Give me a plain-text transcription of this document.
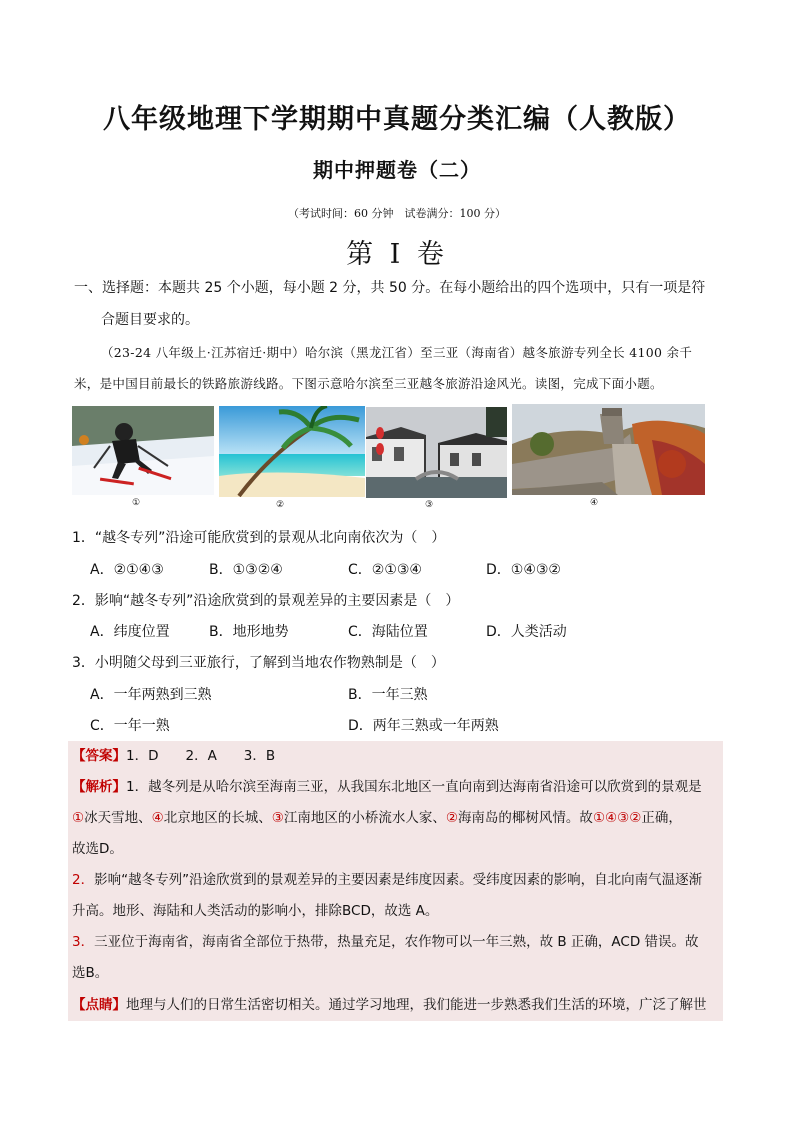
八年级地理下学期期中真题分类汇编（人教版）
期中押题卷（二）
（考试时间：60 分钟　试卷满分：100 分）
第 I 卷
一、选择题：本题共 25 个小题，每小题 2 分，共 50 分。在每小题给出的四个选项中，只有一项是符
合题目要求的。
（23-24 八年级上·江苏宿迁·期中）哈尔滨（黑龙江省）至三亚（海南省）越冬旅游专列全长 4100 余千
米，是中国目前最长的铁路旅游线路。下图示意哈尔滨至三亚越冬旅游沿途风光。读图，完成下面小题。
①	②	③	④
1．“越冬专列”沿途可能欣赏到的景观从北向南依次为（　）
A．②①④③	B．①③②④	C．②①③④	D．①④③②
2．影响“越冬专列”沿途欣赏到的景观差异的主要因素是（　）
A．纬度位置	B．地形地势	C．海陆位置	D．人类活动
3．小明随父母到三亚旅行，了解到当地农作物熟制是（　）
A．一年两熟到三熟	B．一年三熟
C．一年一熟	D．两年三熟或一年两熟
【答案】1．D　　2．A　　3．B
【解析】1．越冬列是从哈尔滨至海南三亚，从我国东北地区一直向南到达海南省沿途可以欣赏到的景观是
①冰天雪地、④北京地区的长城、③江南地区的小桥流水人家、②海南岛的椰树风情。故①④③②正确，
故选D。
2．影响“越冬专列”沿途欣赏到的景观差异的主要因素是纬度因素。受纬度因素的影响，自北向南气温逐渐
升高。地形、海陆和人类活动的影响小，排除BCD，故选 A。
3．三亚位于海南省，海南省全部位于热带，热量充足，农作物可以一年三熟，故 B 正确，ACD 错误。故
选B。
【点睛】地理与人们的日常生活密切相关。通过学习地理，我们能进一步熟悉我们生活的环境，广泛了解世
